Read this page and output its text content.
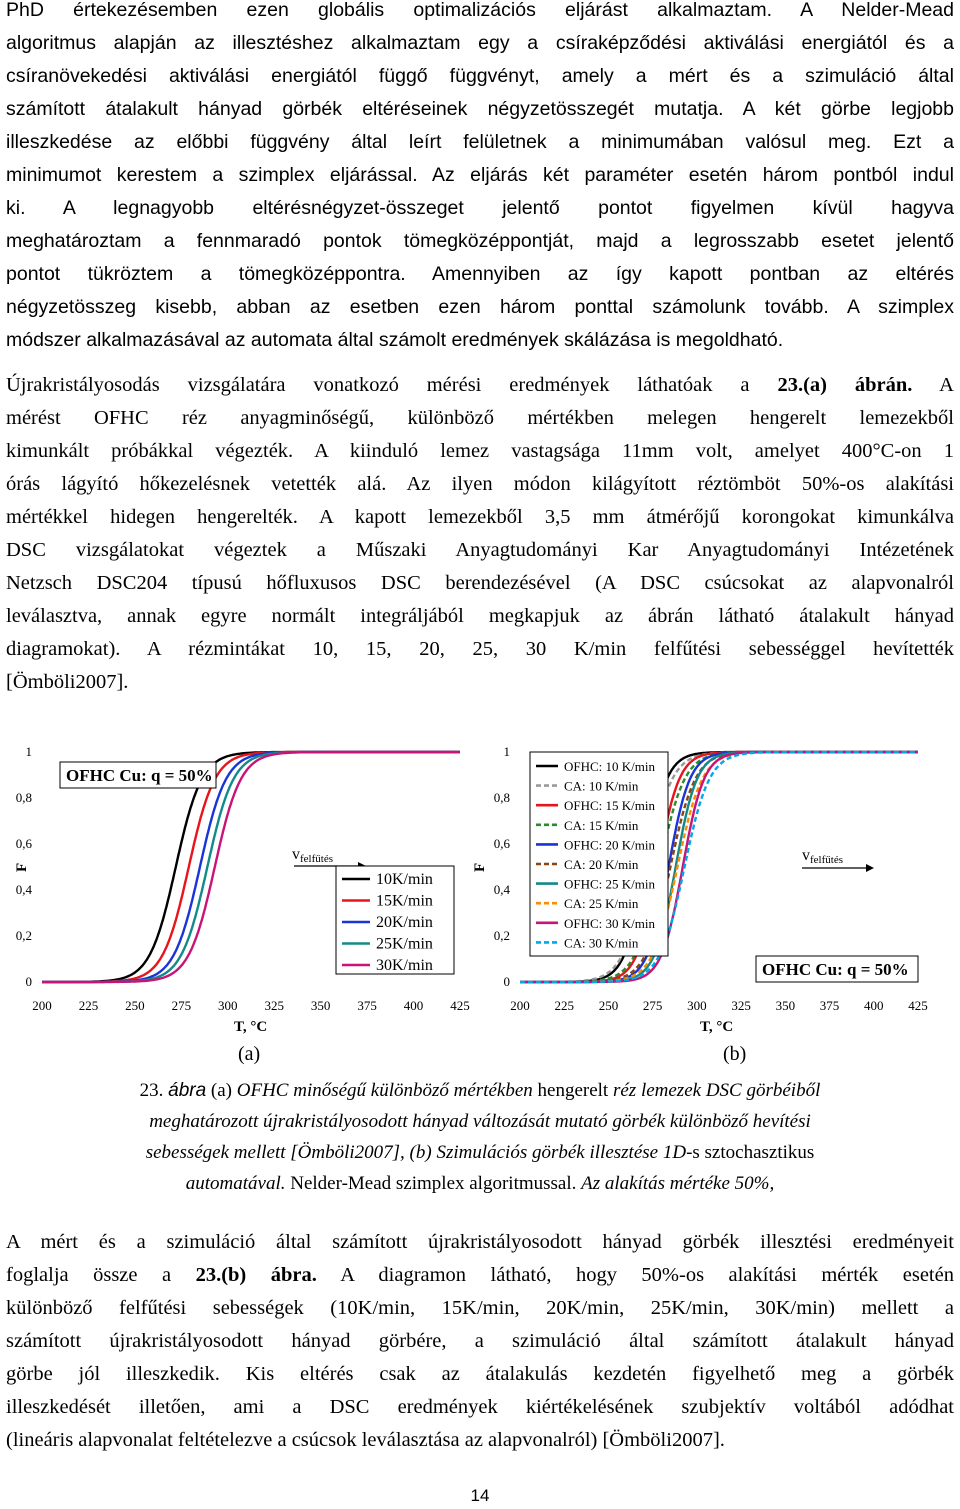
PhD értekezésemben ezen globális optimalizációs eljárást alkalmaztam. A Nelder-Mead
algoritmus alapján az illesztéshez alkalmaztam egy a csíraképződési aktiválási energiától és a
csíranövekedési aktiválási energiától függő függvényt, amely a mért és a szimuláció által
számított átalakult hányad görbék eltéréseinek négyzetösszegét mutatja. A két görbe legjobb
illeszkedése az előbbi függvény által leírt felületnek a minimumában valósul meg. Ezt a
minimumot kerestem a szimplex eljárással. Az eljárás két paraméter esetén három pontból indul
ki. A legnagyobb eltérésnégyzet-összeget jelentő pontot figyelmen kívül hagyva
meghatároztam a fennmaradó pontok tömegközéppontját, majd a legrosszabb esetet jelentő
pontot tükröztem a tömegközéppontra. Amennyiben az így kapott pontban az eltérés
négyzetösszeg kisebb, abban az esetben ezen három ponttal számolunk tovább. A szimplex
módszer alkalmazásával az automata által számolt eredmények skálázása is megoldható.
Újrakristályosodás vizsgálatára vonatkozó mérési eredmények láthatóak a 23.(a) ábrán. A
mérést OFHC réz anyagminőségű, különböző mértékben melegen hengerelt lemezekből
kimunkált próbákkal végezték. A kiinduló lemez vastagsága 11mm volt, amelyet 400°C-on 1
órás lágyító hőkezelésnek vetették alá. Az ilyen módon kilágyított réztömböt 50%-os alakítási
mértékkel hidegen hengerelték. A kapott lemezekből 3,5 mm átmérőjű korongokat kimunkálva
DSC vizsgálatokat végeztek a Műszaki Anyagtudományi Kar Anyagtudományi Intézetének
Netzsch DSC204 típusú hőfluxusos DSC berendezésével (A DSC csúcsokat az alapvonalról
leválasztva, annak egyre normált integráljából megkapjuk az ábrán látható átalakult hányad
diagramokat). A rézmintákat 10, 15, 20, 25, 30 K/min felfűtési sebességgel hevítették
[Ömböli2007].
0
0,2
0,4
0,6
0,8
1
200 225 250 275 300 325 350 375 400 425
OFHC Cu: q = 50%
vfelfűtés
10K/min
15K/min
20K/min
25K/min
30K/min
F
T, °C
0
0,2
0,4
0,6
0,8
1
200 225 250 275 300 325 350 375 400 425
OFHC: 10 K/min
CA: 10 K/min
OFHC: 15 K/min
CA: 15 K/min
OFHC: 20 K/min
CA: 20 K/min
OFHC: 25 K/min
CA: 25 K/min
OFHC: 30 K/min
CA: 30 K/min
vfelfűtés
OFHC Cu: q = 50%
F
T, °C
(a)	(b)
23. ábra (a) OFHC minőségű különböző mértékben hengerelt réz lemezek DSC görbéiből
meghatározott újrakristályosodott hányad változását mutató görbék különböző hevítési
sebességek mellett [Ömböli2007], (b) Szimulációs görbék illesztése 1D-s sztochasztikus
automatával. Nelder-Mead szimplex algoritmussal. Az alakítás mértéke 50%,
A mért és a szimuláció által számított újrakristályosodott hányad görbék illesztési eredményeit
foglalja össze a 23.(b) ábra. A diagramon látható, hogy 50%-os alakítási mérték esetén
különböző felfűtési sebességek (10K/min, 15K/min, 20K/min, 25K/min, 30K/min) mellett a
számított újrakristályosodott hányad görbére, a szimuláció által számított átalakult hányad
görbe jól illeszkedik. Kis eltérés csak az átalakulás kezdetén figyelhető meg a görbék
illeszkedését illetően, ami a DSC eredmények kiértékelésének szubjektív voltából adódhat
(lineáris alapvonalat feltételezve a csúcsok leválasztása az alapvonalról) [Ömböli2007].
14
